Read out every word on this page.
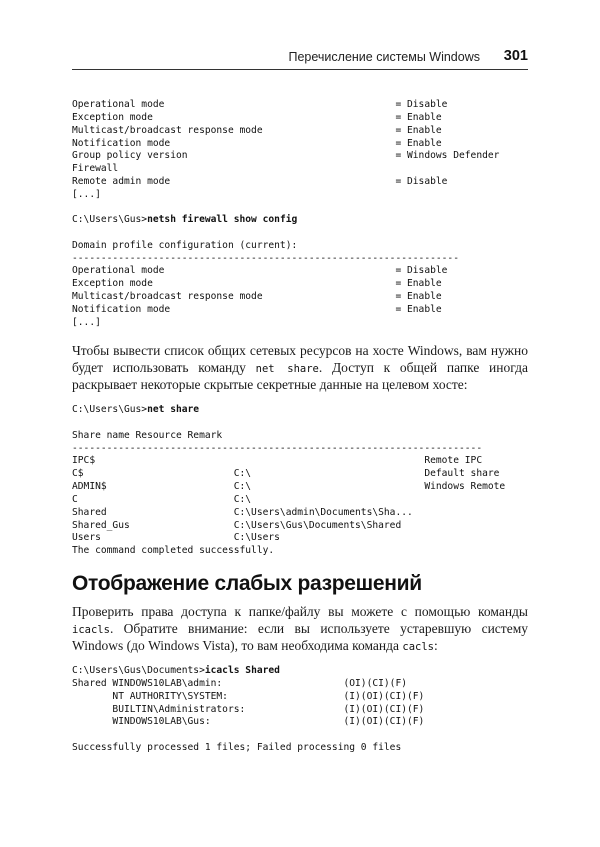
Перечисление системы Windows 301
Operational mode                                        = Disable
Exception mode                                          = Enable
Multicast/broadcast response mode                       = Enable
Notification mode                                       = Enable
Group policy version                                    = Windows Defender
Firewall
Remote admin mode                                       = Disable
[...]
C:\Users\Gus>netsh firewall show config

Domain profile configuration (current):
-------------------------------------------------------------------
Operational mode                                        = Disable
Exception mode                                          = Enable
Multicast/broadcast response mode                       = Enable
Notification mode                                       = Enable
[...]

Чтобы вывести список общих сетевых ресурсов на хосте Windows, вам нужно будет использовать команду net share. Доступ к общей папке иногда раскрывает некоторые скрытые секретные данные на целевом хосте:

C:\Users\Gus>net share

Share name Resource Remark
-----------------------------------------------------------------------
IPC$                                                         Remote IPC
C$                          C:\                              Default share
ADMIN$                      C:\                              Windows Remote
C                           C:\
Shared                      C:\Users\admin\Documents\Sha...
Shared_Gus                  C:\Users\Gus\Documents\Shared
Users                       C:\Users
The command completed successfully.
Отображение слабых разрешений

Проверить права доступа к папке/файлу вы можете с помощью команды icacls. Обратите внимание: если вы используете устаревшую систему Windows (до Windows Vista), то вам необходима команда cacls:

C:\Users\Gus\Documents>icacls Shared
Shared WINDOWS10LAB\admin:                     (OI)(CI)(F)
NT AUTHORITY\SYSTEM:                    (I)(OI)(CI)(F)
BUILTIN\Administrators:                 (I)(OI)(CI)(F)
WINDOWS10LAB\Gus:                       (I)(OI)(CI)(F)

Successfully processed 1 files; Failed processing 0 files
